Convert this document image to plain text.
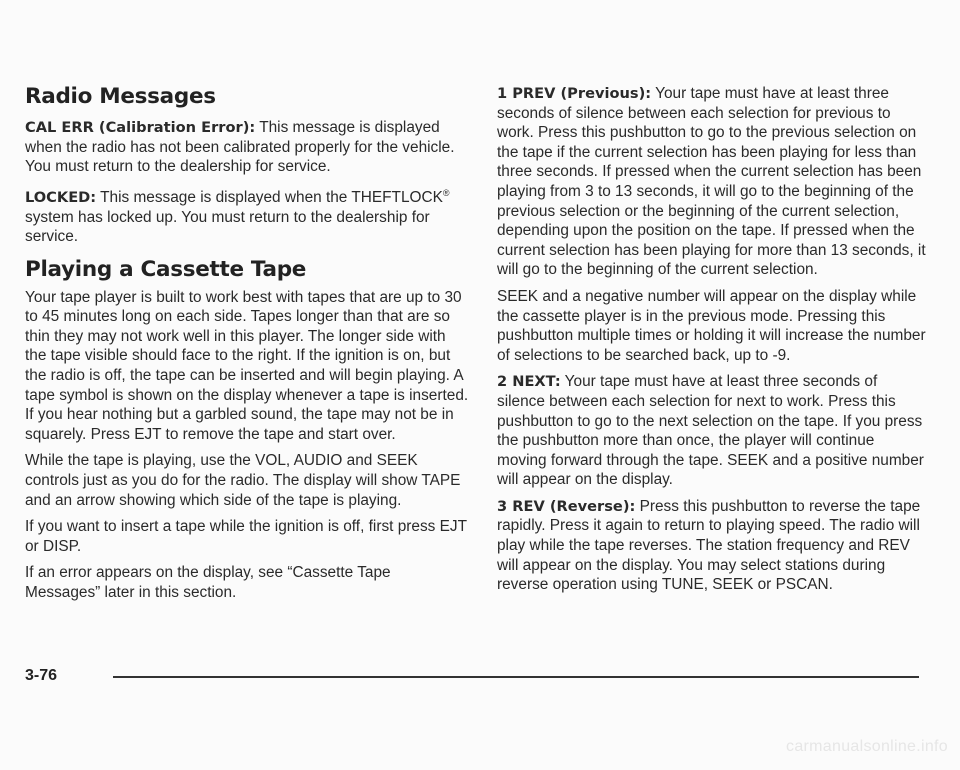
Radio Messages

CAL ERR (Calibration Error): This message is displayed when the radio has not been calibrated properly for the vehicle. You must return to the dealership for service.

LOCKED: This message is displayed when the THEFTLOCK® system has locked up. You must return to the dealership for service.

Playing a Cassette Tape

Your tape player is built to work best with tapes that are up to 30 to 45 minutes long on each side. Tapes longer than that are so thin they may not work well in this player. The longer side with the tape visible should face to the right. If the ignition is on, but the radio is off, the tape can be inserted and will begin playing. A tape symbol is shown on the display whenever a tape is inserted. If you hear nothing but a garbled sound, the tape may not be in squarely. Press EJT to remove the tape and start over.

While the tape is playing, use the VOL, AUDIO and SEEK controls just as you do for the radio. The display will show TAPE and an arrow showing which side of the tape is playing.

If you want to insert a tape while the ignition is off, first press EJT or DISP.

If an error appears on the display, see “Cassette Tape Messages” later in this section.

1 PREV (Previous): Your tape must have at least three seconds of silence between each selection for previous to work. Press this pushbutton to go to the previous selection on the tape if the current selection has been playing for less than three seconds. If pressed when the current selection has been playing from 3 to 13 seconds, it will go to the beginning of the previous selection or the beginning of the current selection, depending upon the position on the tape. If pressed when the current selection has been playing for more than 13 seconds, it will go to the beginning of the current selection.

SEEK and a negative number will appear on the display while the cassette player is in the previous mode. Pressing this pushbutton multiple times or holding it will increase the number of selections to be searched back, up to -9.

2 NEXT: Your tape must have at least three seconds of silence between each selection for next to work. Press this pushbutton to go to the next selection on the tape. If you press the pushbutton more than once, the player will continue moving forward through the tape. SEEK and a positive number will appear on the display.

3 REV (Reverse): Press this pushbutton to reverse the tape rapidly. Press it again to return to playing speed. The radio will play while the tape reverses. The station frequency and REV will appear on the display. You may select stations during reverse operation using TUNE, SEEK or PSCAN.

3-76
carmanualsonline.info
